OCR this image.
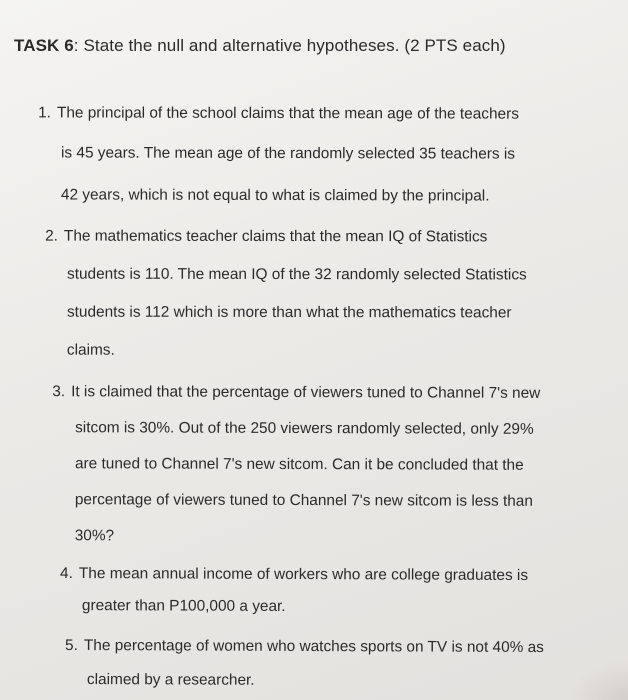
TASK 6: State the null and alternative hypotheses. (2 PTS each)
1. The principal of the school claims that the mean age of the teachers
is 45 years. The mean age of the randomly selected 35 teachers is
42 years, which is not equal to what is claimed by the principal.
2. The mathematics teacher claims that the mean IQ of Statistics
students is 110. The mean IQ of the 32 randomly selected Statistics
students is 112 which is more than what the mathematics teacher
claims.
3. It is claimed that the percentage of viewers tuned to Channel 7's new
sitcom is 30%. Out of the 250 viewers randomly selected, only 29%
are tuned to Channel 7's new sitcom. Can it be concluded that the
percentage of viewers tuned to Channel 7's new sitcom is less than
30%?
4. The mean annual income of workers who are college graduates is
greater than P100,000 a year.
5. The percentage of women who watches sports on TV is not 40% as
claimed by a researcher.
